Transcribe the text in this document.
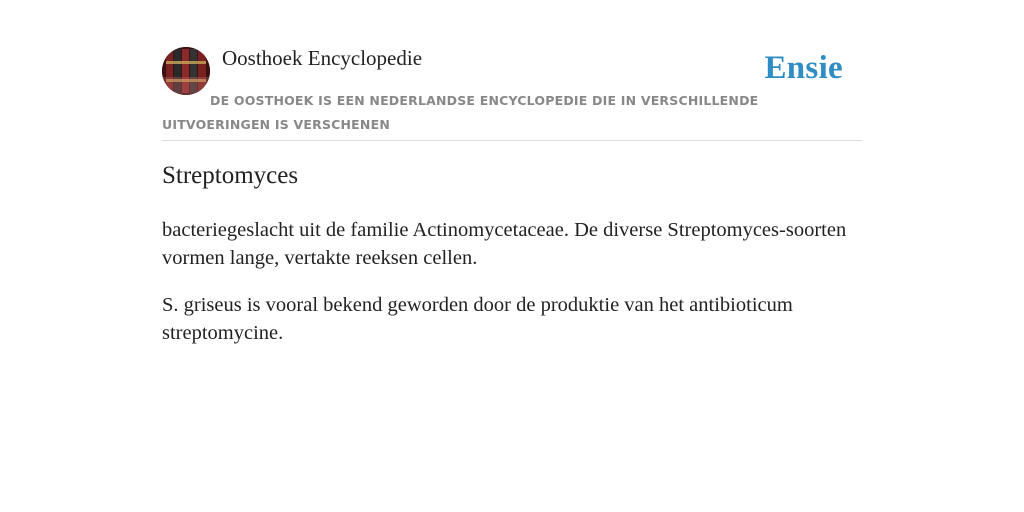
Oosthoek Encyclopedie	Ensie
DE OOSTHOEK IS EEN NEDERLANDSE ENCYCLOPEDIE DIE IN VERSCHILLENDE UITVOERINGEN IS VERSCHENEN
Streptomyces

bacteriegeslacht uit de familie Actinomycetaceae. De diverse Streptomyces-soorten vormen lange, vertakte reeksen cellen.

S. griseus is vooral bekend geworden door de produktie van het antibioticum streptomycine.
